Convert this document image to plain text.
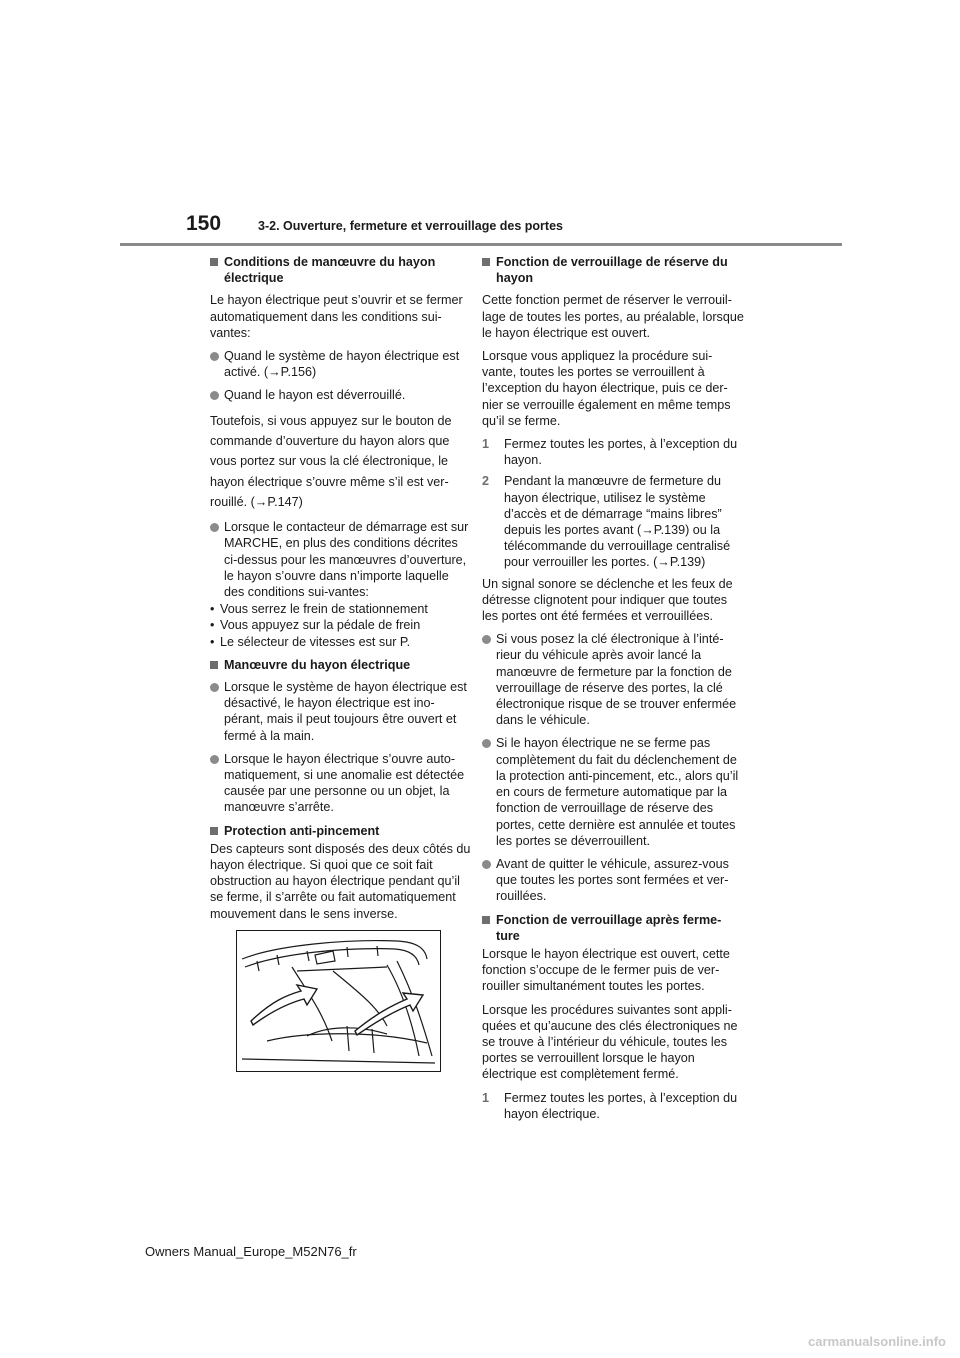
150	3-2. Ouverture, fermeture et verrouillage des portes
Conditions de manœuvre du hayon électrique
Le hayon électrique peut s’ouvrir et se fermer automatiquement dans les conditions sui-vantes:
Quand le système de hayon électrique est activé. (→P.156)
Quand le hayon est déverrouillé.
Toutefois, si vous appuyez sur le bouton de commande d’ouverture du hayon alors que vous portez sur vous la clé électronique, le hayon électrique s’ouvre même s’il est ver-rouillé. (→P.147)
Lorsque le contacteur de démarrage est sur MARCHE, en plus des conditions décrites ci-dessus pour les manœuvres d’ouverture, le hayon s’ouvre dans n’importe laquelle des conditions sui-vantes:
• Vous serrez le frein de stationnement
• Vous appuyez sur la pédale de frein
• Le sélecteur de vitesses est sur P.
Manœuvre du hayon électrique
Lorsque le système de hayon électrique est désactivé, le hayon électrique est ino-pérant, mais il peut toujours être ouvert et fermé à la main.
Lorsque le hayon électrique s’ouvre auto-matiquement, si une anomalie est détectée causée par une personne ou un objet, la manœuvre s’arrête.
Protection anti-pincement
Des capteurs sont disposés des deux côtés du hayon électrique. Si quoi que ce soit fait obstruction au hayon électrique pendant qu’il se ferme, il s’arrête ou fait automatiquement mouvement dans le sens inverse.
Fonction de verrouillage de réserve du hayon
Cette fonction permet de réserver le verrouil-lage de toutes les portes, au préalable, lorsque le hayon électrique est ouvert.
Lorsque vous appliquez la procédure sui-vante, toutes les portes se verrouillent à l’exception du hayon électrique, puis ce der-nier se verrouille également en même temps qu’il se ferme.
1 Fermez toutes les portes, à l’exception du hayon.
2 Pendant la manœuvre de fermeture du hayon électrique, utilisez le système d’accès et de démarrage “mains libres” depuis les portes avant (→P.139) ou la télécommande du verrouillage centralisé pour verrouiller les portes. (→P.139)
Un signal sonore se déclenche et les feux de détresse clignotent pour indiquer que toutes les portes ont été fermées et verrouillées.
Si vous posez la clé électronique à l’inté-rieur du véhicule après avoir lancé la manœuvre de fermeture par la fonction de verrouillage de réserve des portes, la clé électronique risque de se trouver enfermée dans le véhicule.
Si le hayon électrique ne se ferme pas complètement du fait du déclenchement de la protection anti-pincement, etc., alors qu’il en cours de fermeture automatique par la fonction de verrouillage de réserve des portes, cette dernière est annulée et toutes les portes se déverrouillent.
Avant de quitter le véhicule, assurez-vous que toutes les portes sont fermées et ver-rouillées.
Fonction de verrouillage après ferme-ture
Lorsque le hayon électrique est ouvert, cette fonction s’occupe de le fermer puis de ver-rouiller simultanément toutes les portes.
Lorsque les procédures suivantes sont appli-quées et qu’aucune des clés électroniques ne se trouve à l’intérieur du véhicule, toutes les portes se verrouillent lorsque le hayon électrique est complètement fermé.
1 Fermez toutes les portes, à l’exception du hayon électrique.
Owners Manual_Europe_M52N76_fr
carmanualsonline.info
